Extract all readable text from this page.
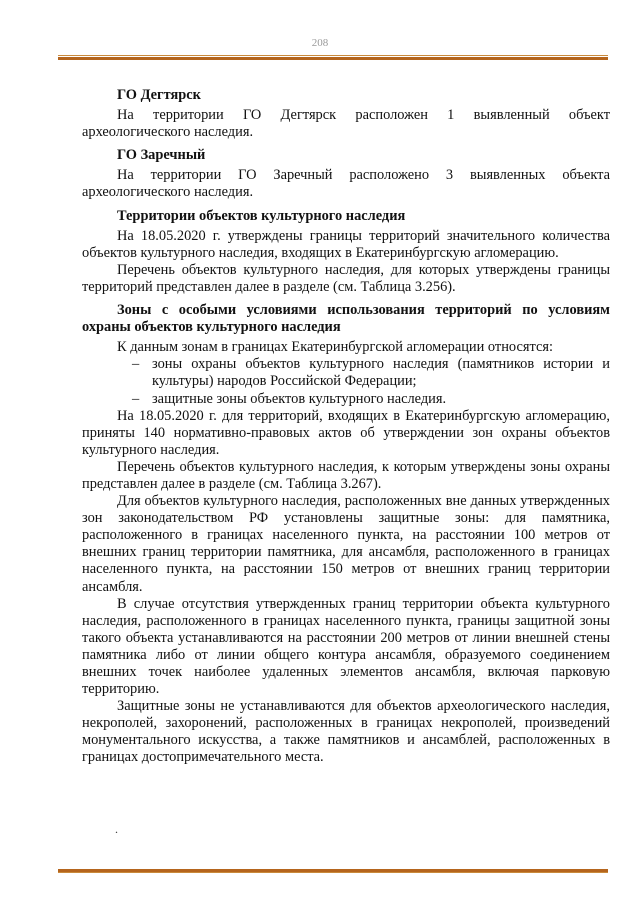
208

ГО Дегтярск

На территории ГО Дегтярск расположен 1 выявленный объект археологического наследия.

ГО Заречный

На территории ГО Заречный расположено 3 выявленных объекта археологического наследия.

Территории объектов культурного наследия

На 18.05.2020 г. утверждены границы территорий значительного количества объектов культурного наследия, входящих в Екатеринбургскую агломерацию.

Перечень объектов культурного наследия, для которых утверждены границы территорий представлен далее в разделе (см. Таблица 3.256).

Зоны с особыми условиями использования территорий по условиям охраны объектов культурного наследия

К данным зонам в границах Екатеринбургской агломерации относятся:

– зоны охраны объектов культурного наследия (памятников истории и культуры) народов Российской Федерации;
– защитные зоны объектов культурного наследия.

На 18.05.2020 г. для территорий, входящих в Екатеринбургскую агломерацию, приняты 140 нормативно-правовых актов об утверждении зон охраны объектов культурного наследия.

Перечень объектов культурного наследия, к которым утверждены зоны охраны представлен далее в разделе (см. Таблица 3.267).

Для объектов культурного наследия, расположенных вне данных утвержденных зон законодательством РФ установлены защитные зоны: для памятника, расположенного в границах населенного пункта, на расстоянии 100 метров от внешних границ территории памятника, для ансамбля, расположенного в границах населенного пункта, на расстоянии 150 метров от внешних границ территории ансамбля.

В случае отсутствия утвержденных границ территории объекта культурного наследия, расположенного в границах населенного пункта, границы защитной зоны такого объекта устанавливаются на расстоянии 200 метров от линии внешней стены памятника либо от линии общего контура ансамбля, образуемого соединением внешних точек наиболее удаленных элементов ансамбля, включая парковую территорию.

Защитные зоны не устанавливаются для объектов археологического наследия, некрополей, захоронений, расположенных в границах некрополей, произведений монументального искусства, а также памятников и ансамблей, расположенных в границах достопримечательного места.

.
